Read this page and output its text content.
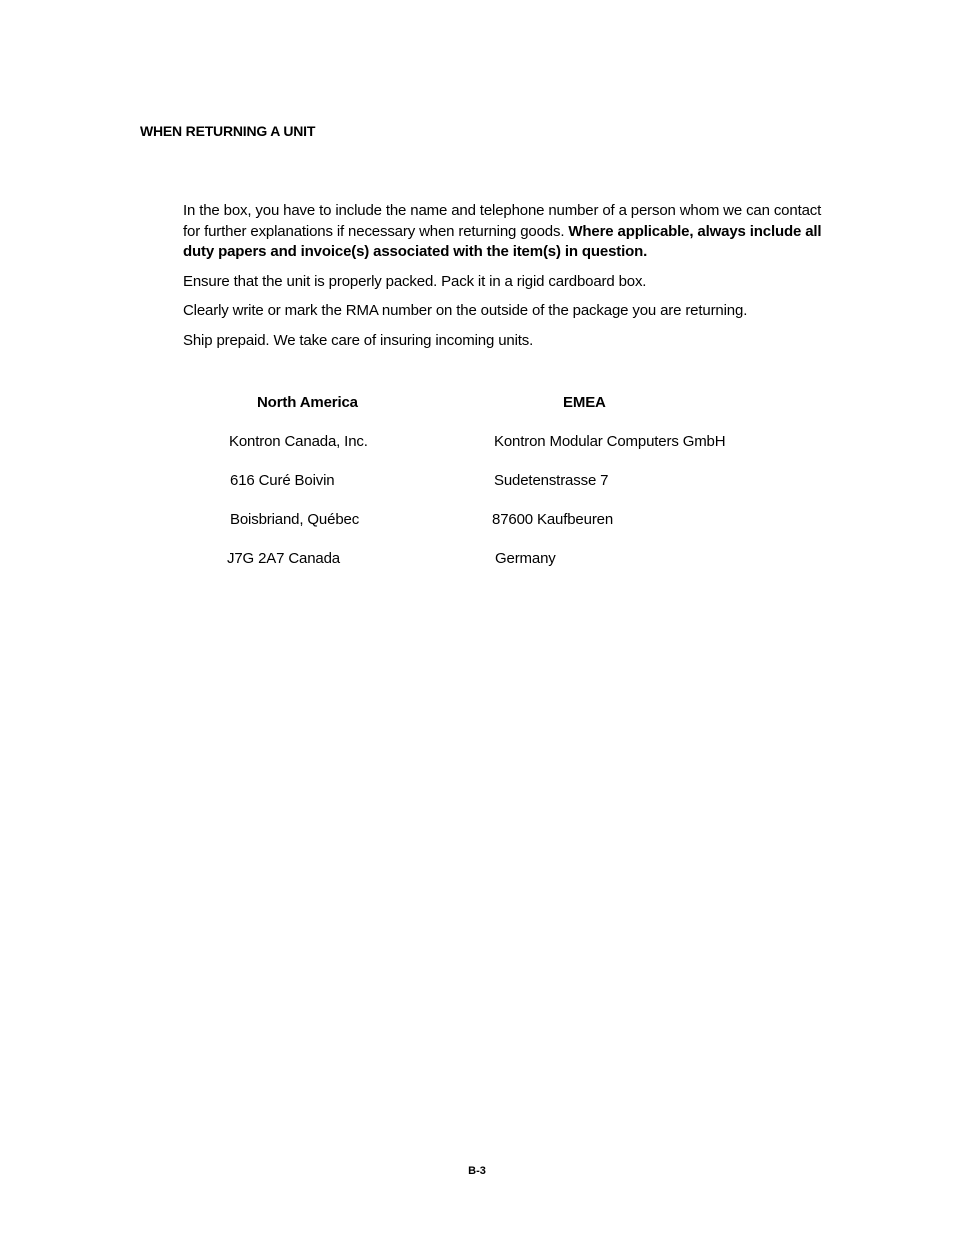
WHEN RETURNING A UNIT

In the box, you have to include the name and telephone number of a person whom we can contact for further explanations if necessary when returning goods. Where applicable, always include all duty papers and invoice(s) associated with the item(s) in question.

Ensure that the unit is properly packed. Pack it in a rigid cardboard box.

Clearly write or mark the RMA number on the outside of the package you are returning.

Ship prepaid. We take care of insuring incoming units.

North America

Kontron Canada, Inc.

616 Curé Boivin

Boisbriand, Québec

J7G 2A7 Canada

EMEA

Kontron Modular Computers GmbH

Sudetenstrasse 7

87600 Kaufbeuren

Germany

B-3
